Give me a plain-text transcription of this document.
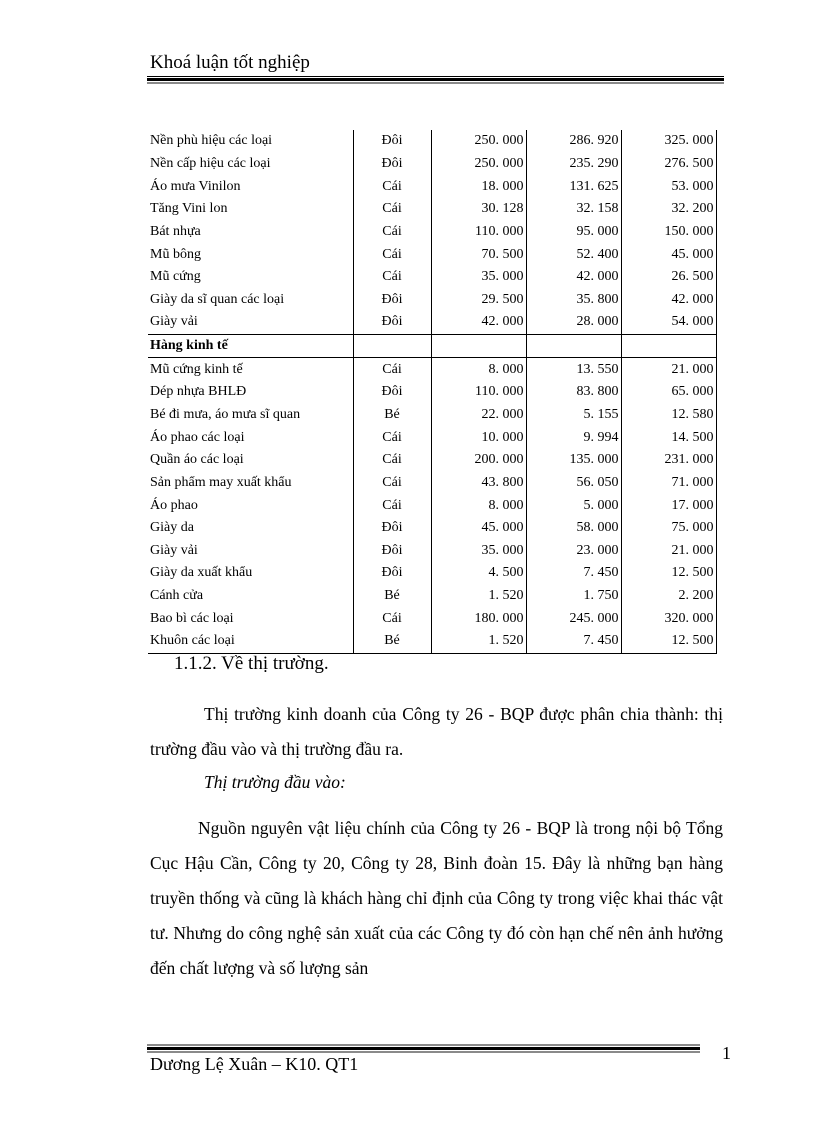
Khoá luận tốt nghiệp
Nền phù hiệu các loại	Đôi	250. 000	286. 920	325. 000
Nền cấp hiệu các loại	Đôi	250. 000	235. 290	276. 500
Áo mưa Vinilon	Cái	18. 000	131. 625	53. 000
Tăng Vini lon	Cái	30. 128	32. 158	32. 200
Bát nhựa	Cái	110. 000	95. 000	150. 000
Mũ bông	Cái	70. 500	52. 400	45. 000
Mũ cứng	Cái	35. 000	42. 000	26. 500
Giày da sĩ quan các loại	Đôi	29. 500	35. 800	42. 000
Giày vải	Đôi	42. 000	28. 000	54. 000
Hàng kinh tế				
Mũ cứng kinh tế	Cái	8. 000	13. 550	21. 000
Dép nhựa BHLĐ	Đôi	110. 000	83. 800	65. 000
Bé đi mưa, áo mưa sĩ quan	Bé	22. 000	5. 155	12. 580
Áo phao các loại	Cái	10. 000	9. 994	14. 500
Quần áo các loại	Cái	200. 000	135. 000	231. 000
Sản phẩm may xuất khẩu	Cái	43. 800	56. 050	71. 000
Áo phao	Cái	8. 000	5. 000	17. 000
Giày da	Đôi	45. 000	58. 000	75. 000
Giày vải	Đôi	35. 000	23. 000	21. 000
Giày da xuất khẩu	Đôi	4. 500	7. 450	12. 500
Cánh cửa	Bé	1. 520	1. 750	2. 200
Bao bì các loại	Cái	180. 000	245. 000	320. 000
Khuôn các loại	Bé	1. 520	7. 450	12. 500
1.1.2. Về thị trường.
Thị trường kinh doanh của Công ty 26 - BQP được phân chia thành: thị trường đầu vào và thị trường đầu ra.
Thị trường đầu vào:
Nguồn nguyên vật liệu chính của Công ty 26 - BQP là trong nội bộ Tổng Cục Hậu Cần, Công ty 20, Công ty 28, Binh đoàn 15. Đây là những bạn hàng truyền thống và cũng là khách hàng chỉ định của Công ty trong việc khai thác vật tư. Nhưng do công nghệ sản xuất của các Công ty đó còn hạn chế nên ảnh hưởng đến chất lượng và số lượng sản
Dương Lệ Xuân – K10. QT1
1
